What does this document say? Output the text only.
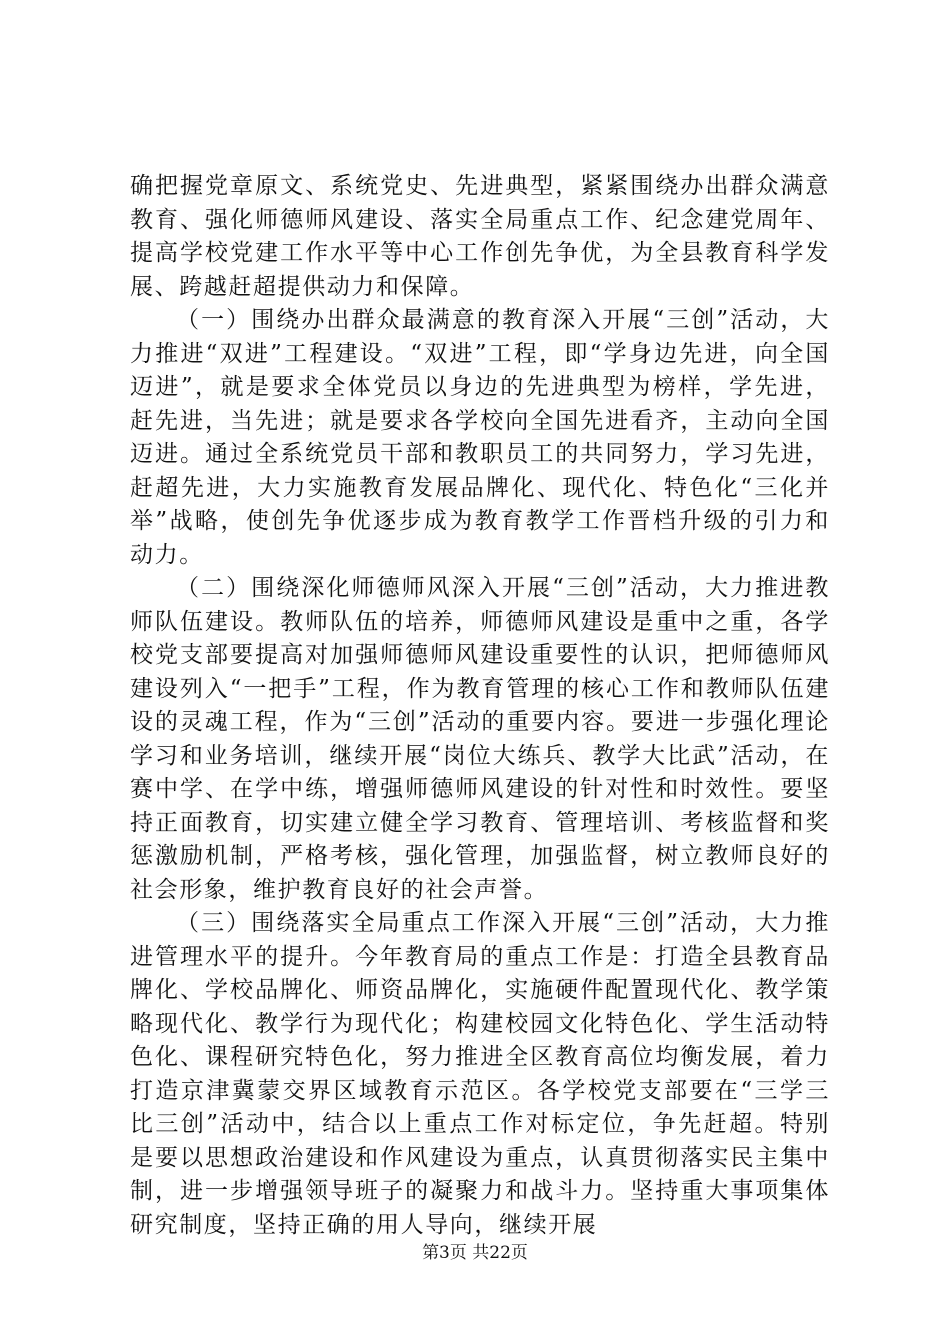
确把握党章原文、系统党史、先进典型，紧紧围绕办出群众满意教育、强化师德师风建设、落实全局重点工作、纪念建党周年、提高学校党建工作水平等中心工作创先争优，为全县教育科学发展、跨越赶超提供动力和保障。

（一）围绕办出群众最满意的教育深入开展“三创”活动，大力推进“双进”工程建设。“双进”工程，即“学身边先进，向全国迈进”，就是要求全体党员以身边的先进典型为榜样，学先进，赶先进，当先进；就是要求各学校向全国先进看齐，主动向全国迈进。通过全系统党员干部和教职员工的共同努力，学习先进，赶超先进，大力实施教育发展品牌化、现代化、特色化“三化并举”战略，使创先争优逐步成为教育教学工作晋档升级的引力和动力。

（二）围绕深化师德师风深入开展“三创”活动，大力推进教师队伍建设。教师队伍的培养，师德师风建设是重中之重，各学校党支部要提高对加强师德师风建设重要性的认识，把师德师风建设列入“一把手”工程，作为教育管理的核心工作和教师队伍建设的灵魂工程，作为“三创”活动的重要内容。要进一步强化理论学习和业务培训，继续开展“岗位大练兵、教学大比武”活动，在赛中学、在学中练，增强师德师风建设的针对性和时效性。要坚持正面教育，切实建立健全学习教育、管理培训、考核监督和奖惩激励机制，严格考核，强化管理，加强监督，树立教师良好的社会形象，维护教育良好的社会声誉。

（三）围绕落实全局重点工作深入开展“三创”活动，大力推进管理水平的提升。今年教育局的重点工作是：打造全县教育品牌化、学校品牌化、师资品牌化，实施硬件配置现代化、教学策略现代化、教学行为现代化；构建校园文化特色化、学生活动特色化、课程研究特色化，努力推进全区教育高位均衡发展，着力打造京津冀蒙交界区域教育示范区。各学校党支部要在“三学三比三创”活动中，结合以上重点工作对标定位，争先赶超。特别是要以思想政治建设和作风建设为重点，认真贯彻落实民主集中制，进一步增强领导班子的凝聚力和战斗力。坚持重大事项集体研究制度，坚持正确的用人导向，继续开展

第3页 共22页
